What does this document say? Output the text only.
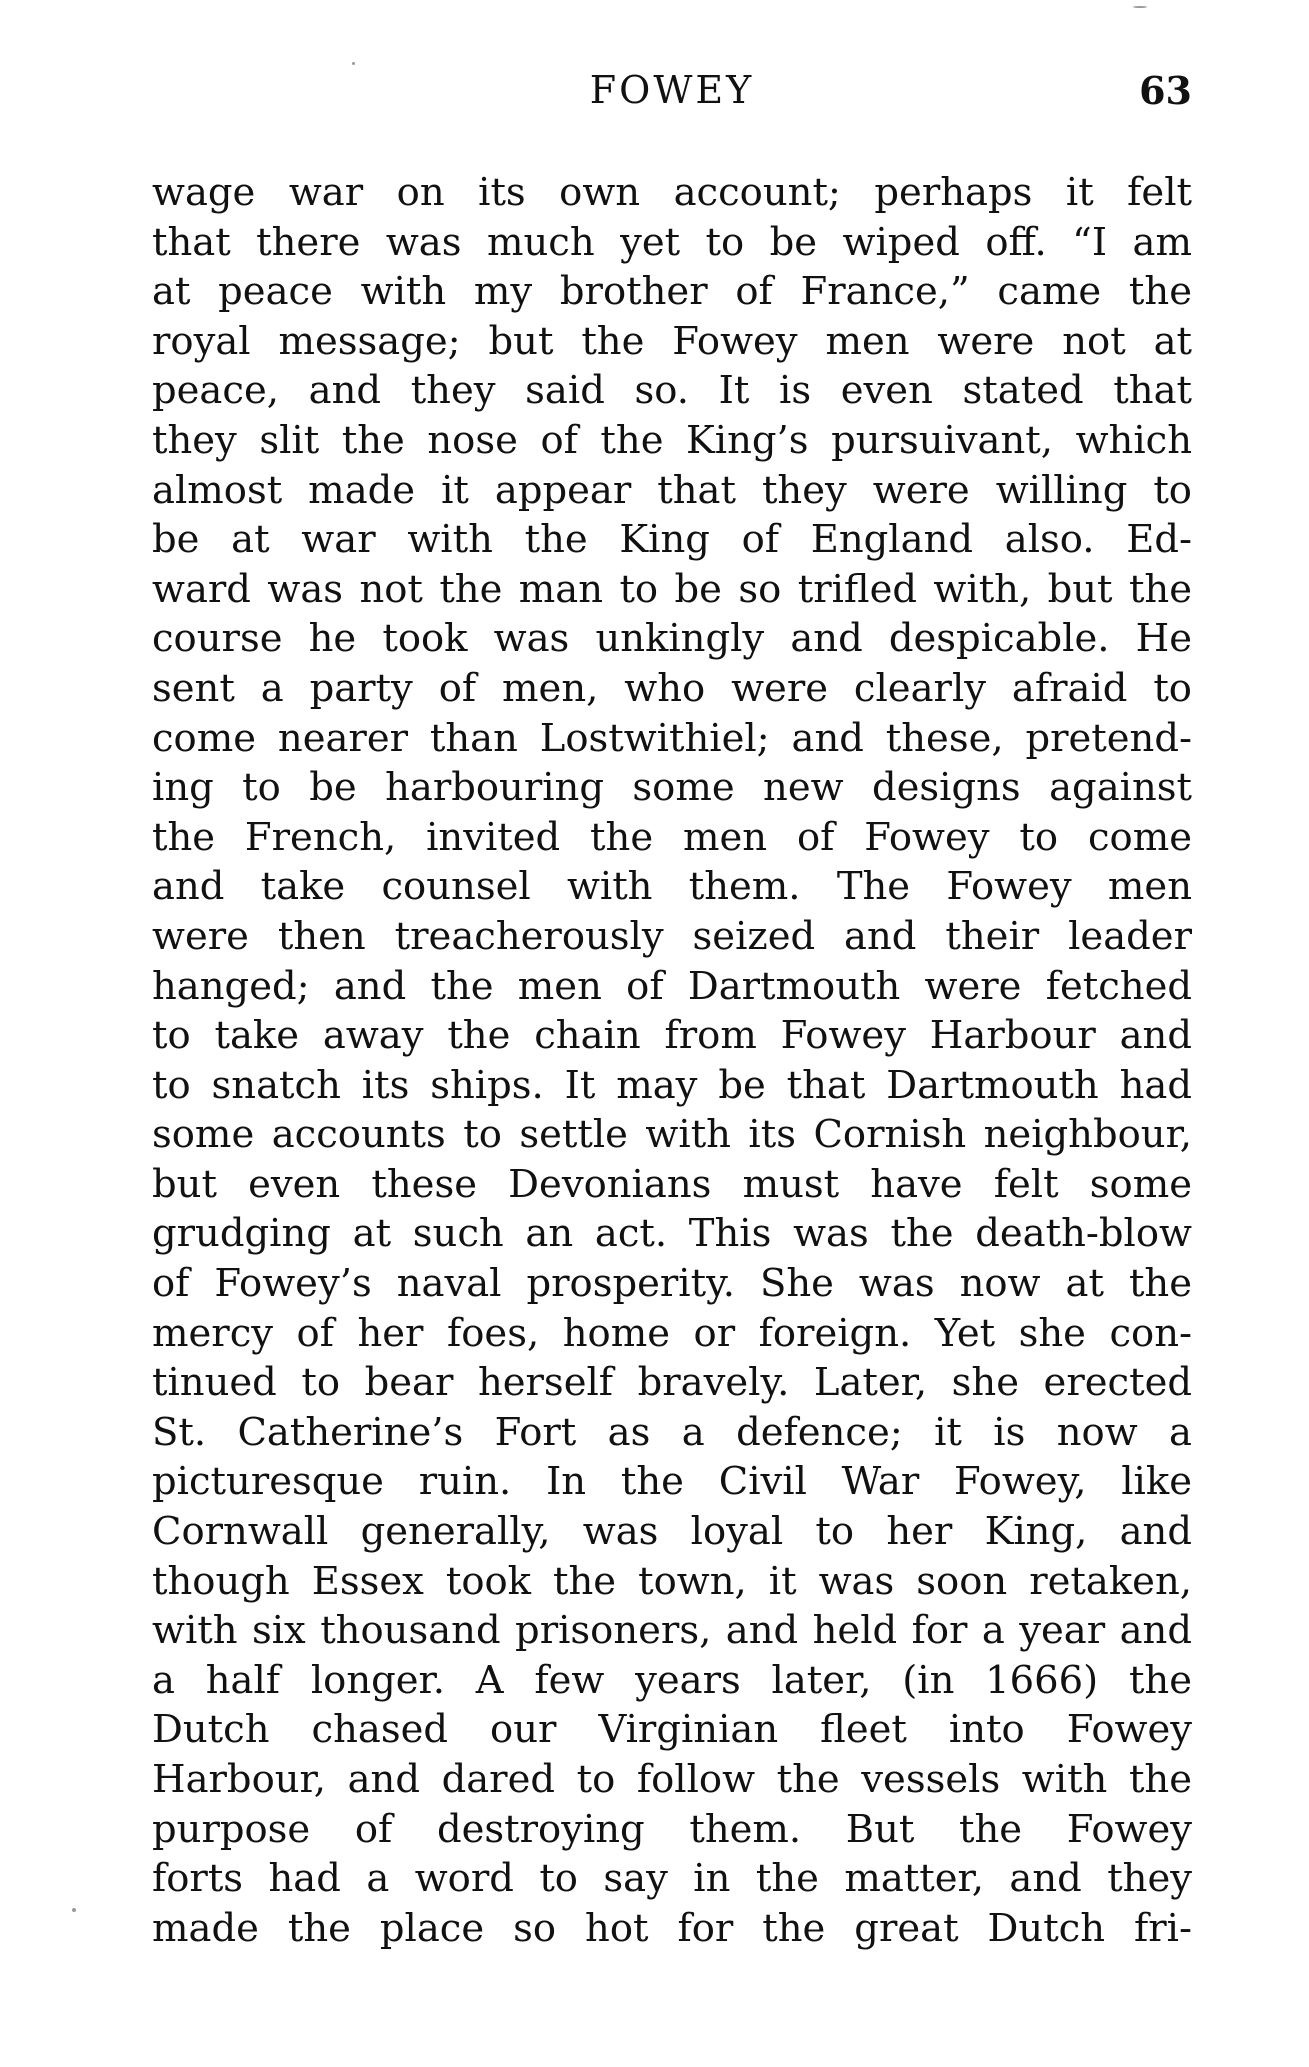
FOWEY	63
wage war on its own account; perhaps it felt
that there was much yet to be wiped off. “I am
at peace with my brother of France,” came the
royal message; but the Fowey men were not at
peace, and they said so. It is even stated that
they slit the nose of the King’s pursuivant, which
almost made it appear that they were willing to
be at war with the King of England also. Ed-
ward was not the man to be so trifled with, but the
course he took was unkingly and despicable. He
sent a party of men, who were clearly afraid to
come nearer than Lostwithiel; and these, pretend-
ing to be harbouring some new designs against
the French, invited the men of Fowey to come
and take counsel with them. The Fowey men
were then treacherously seized and their leader
hanged; and the men of Dartmouth were fetched
to take away the chain from Fowey Harbour and
to snatch its ships. It may be that Dartmouth had
some accounts to settle with its Cornish neighbour,
but even these Devonians must have felt some
grudging at such an act. This was the death-blow
of Fowey’s naval prosperity. She was now at the
mercy of her foes, home or foreign. Yet she con-
tinued to bear herself bravely. Later, she erected
St. Catherine’s Fort as a defence; it is now a
picturesque ruin. In the Civil War Fowey, like
Cornwall generally, was loyal to her King, and
though Essex took the town, it was soon retaken,
with six thousand prisoners, and held for a year and
a half longer. A few years later, (in 1666) the
Dutch chased our Virginian fleet into Fowey
Harbour, and dared to follow the vessels with the
purpose of destroying them. But the Fowey
forts had a word to say in the matter, and they
made the place so hot for the great Dutch fri-
